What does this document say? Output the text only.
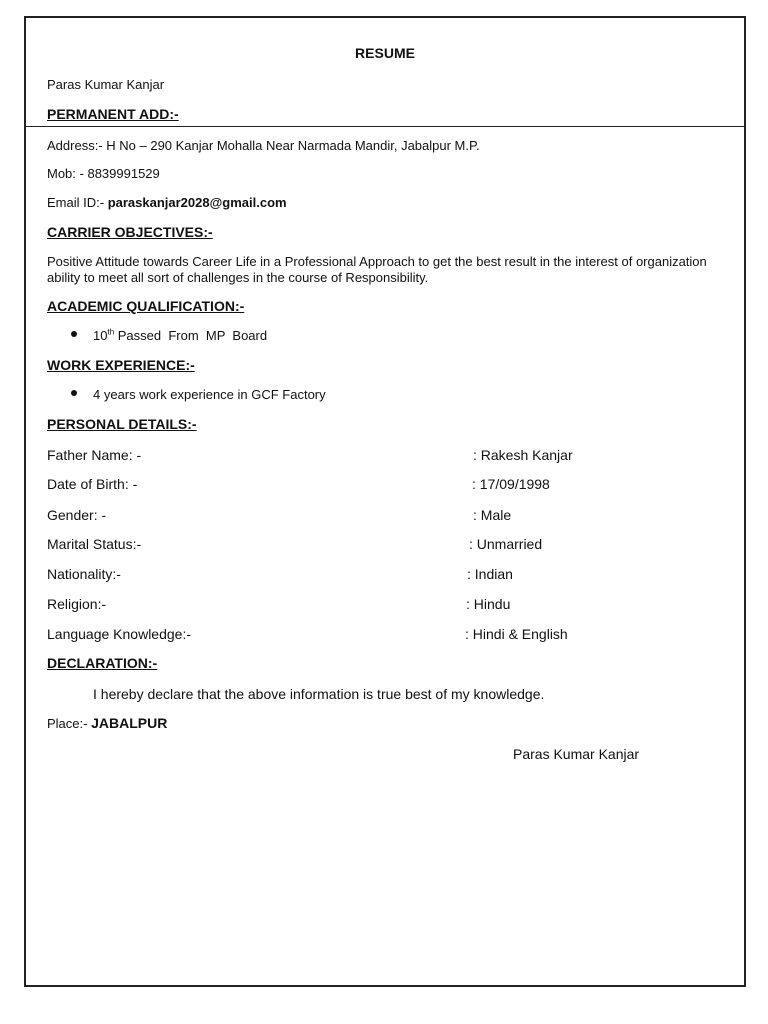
RESUME
Paras Kumar Kanjar
PERMANENT ADD:-
Address:- H No – 290 Kanjar Mohalla Near Narmada Mandir, Jabalpur M.P.
Mob: - 8839991529
Email ID:- paraskanjar2028@gmail.com
CARRIER OBJECTIVES:-
Positive Attitude towards Career Life in a Professional Approach to get the best result in the interest of organization ability to meet all sort of challenges in the course of Responsibility.
ACADEMIC QUALIFICATION:-
10th Passed  From  MP  Board
WORK EXPERIENCE:-
4 years work experience in GCF Factory
PERSONAL DETAILS:-
Father Name: -	: Rakesh Kanjar
Date of Birth: -	: 17/09/1998
Gender: -	: Male
Marital Status:-	: Unmarried
Nationality:-	: Indian
Religion:-	: Hindu
Language Knowledge:-	: Hindi & English
DECLARATION:-
I hereby declare that the above information is true best of my knowledge.
Place:- JABALPUR
Paras Kumar Kanjar
